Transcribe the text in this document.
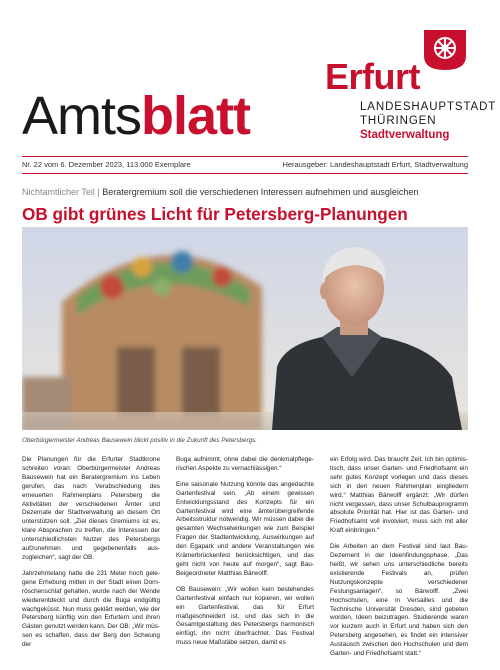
Amtsblatt
Erfurt
LANDESHAUPTSTADT
THÜRINGEN
Stadtverwaltung
Nr. 22 vom 6. Dezember 2023, 113.000 Exemplare	Herausgeber: Landeshauptstadt Erfurt, Stadtverwaltung
Nichtamtlicher Teil | Beratergremium soll die verschiedenen Interessen aufnehmen und ausgleichen
OB gibt grünes Licht für Petersberg-Planungen
Oberbürgermeister Andreas Bausewein blickt positiv in die Zukunft des Petersbergs.

Die Planungen für die Erfurter Stadtkrone schreiten voran: Oberbürgermeister Andreas Bausewein hat ein Beratergremium ins Leben gerufen, das nach Verabschiedung des erneuerten Rahmenplans Petersberg die Aktivitäten der verschiedenen Ämter und Dezernate der Stadtverwaltung an diesem Ort unterstützen soll. „Ziel dieses Gremiums ist es, klare Absprachen zu treffen, die Interessen der unterschiedlichsten Nutzer des Petersbergs aufzunehmen und gegebenenfalls auszugleichen“, sagt der OB.

Jahrzehntelang hatte die 231 Meter hoch gelegene Erhebung mitten in der Stadt einen Dornröschenschlaf gehalten, wurde nach der Wende wiederentdeckt und durch die Buga endgültig wachgeküsst. Nun muss geklärt werden, wie der Petersberg künftig von den Erfurtern und ihren Gästen genutzt werden kann. Der OB: „Wir müssen es schaffen, dass der Berg den Schwung der

Buga aufnimmt, ohne dabei die denkmalpflegerischen Aspekte zu vernachlässigen.“

Eine saisonale Nutzung könnte das angedachte Gartenfestival sein. „Ab einem gewissen Entwicklungsstand des Konzepts für ein Gartenfestival wird eine ämterübergreifende Arbeitsstruktur notwendig. Wir müssen dabei die gesamten Wechselwirkungen wie zum Beispiel Fragen der Stadtentwicklung, Auswirkungen auf den Egapark und andere Veranstaltungen wie Krämerbrückenfest berücksichtigen, und das geht nicht von heute auf morgen“, sagt Bau-Beigeordneter Matthias Bärwolff.

OB Bausewein: „Wir wollen kein bestehendes Gartenfestival einfach nur kopieren, wir wollen ein Gartenfestival, das für Erfurt maßgeschneidert ist, und das sich in die Gesamtgestaltung des Petersbergs harmonisch einfügt, ihn nicht überfrachtet. Das Festival muss neue Maßstäbe setzen, damit es

ein Erfolg wird. Das braucht Zeit. Ich bin optimistisch, dass unser Garten- und Friedhofsamt ein sehr gutes Konzept vorlegen und dass dieses sich in den neuen Rahmenplan eingliedern wird.“ Matthias Bärwolff ergänzt: „Wir dürfen nicht vergessen, dass unser Schulbauprogramm absolute Priorität hat. Hier ist das Garten- und Friedhofsamt voll involviert, muss sich mit aller Kraft einbringen.“

Die Arbeiten an dem Festival sind laut Bau-Dezernent in der Ideenfindungsphase. „Das heißt, wir sehen uns unterschiedliche bereits existierende Festivals an, prüfen Nutzungskonzepte verschiedener Festungsanlagen“, so Bärwolff. „Zwei Hochschulen, eine in Versailles und die Technische Universität Dresden, sind gebeten worden, Ideen beizutragen. Studierende waren vor kurzem auch in Erfurt und haben sich den Petersberg angesehen, es findet ein intensiver Austausch zwischen den Hochschulen und dem Garten- und Friedhofsamt statt.“
